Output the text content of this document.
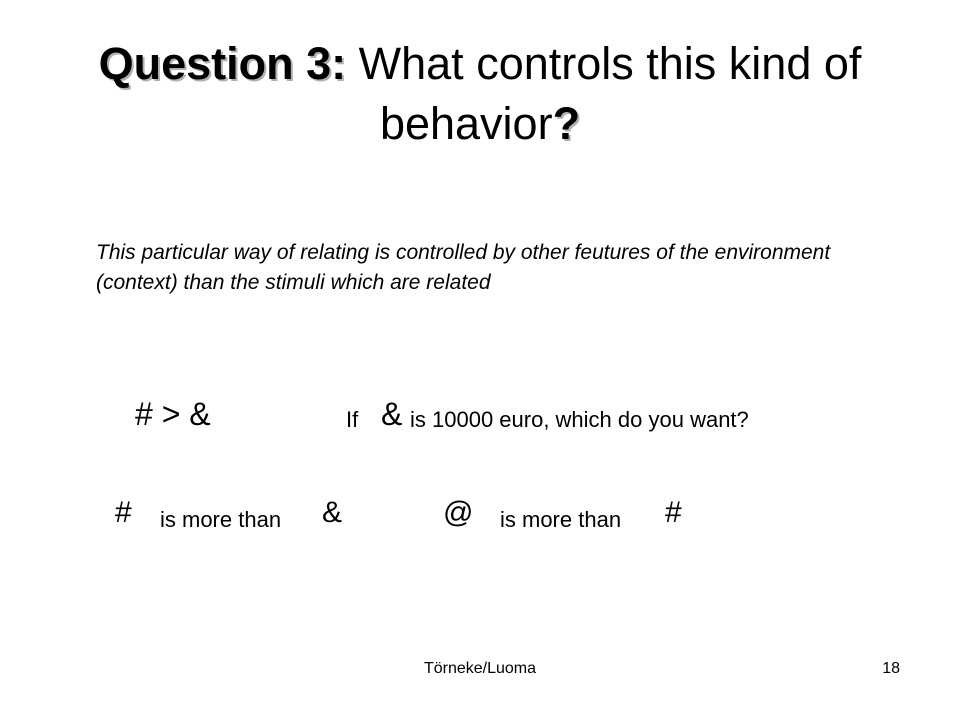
Question 3: What controls this kind of behavior?
This particular way of relating is controlled by other feutures of the environment (context) than the stimuli which are related
# > &	If & is 10000 euro, which do you want?
# is more than &	@ is more than #
Törneke/Luoma	18
